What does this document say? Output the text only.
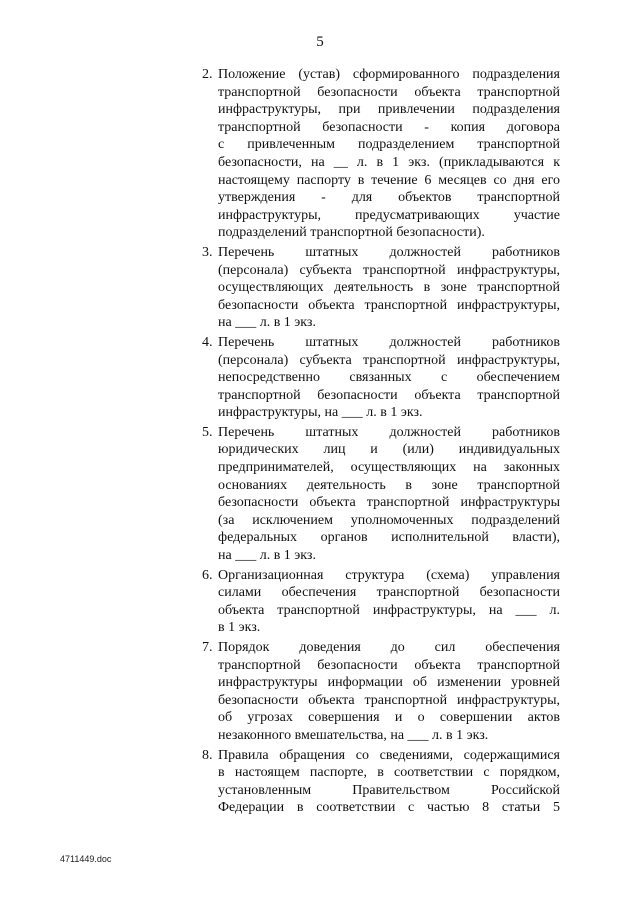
5
2. Положение (устав) сформированного подразделения
транспортной безопасности объекта транспортной
инфраструктуры, при привлечении подразделения
транспортной безопасности - копия договора
с привлеченным подразделением транспортной
безопасности, на __ л. в 1 экз. (прикладываются к
настоящему паспорту в течение 6 месяцев со дня его
утверждения - для объектов транспортной
инфраструктуры, предусматривающих участие
подразделений транспортной безопасности).
3. Перечень штатных должностей работников
(персонала) субъекта транспортной инфраструктуры,
осуществляющих деятельность в зоне транспортной
безопасности объекта транспортной инфраструктуры,
на ___ л. в 1 экз.
4. Перечень штатных должностей работников
(персонала) субъекта транспортной инфраструктуры,
непосредственно связанных с обеспечением
транспортной безопасности объекта транспортной
инфраструктуры, на ___ л. в 1 экз.
5. Перечень штатных должностей работников
юридических лиц и (или) индивидуальных
предпринимателей, осуществляющих на законных
основаниях деятельность в зоне транспортной
безопасности объекта транспортной инфраструктуры
(за исключением уполномоченных подразделений
федеральных органов исполнительной власти),
на ___ л. в 1 экз.
6. Организационная структура (схема) управления
силами обеспечения транспортной безопасности
объекта транспортной инфраструктуры, на ___ л.
в 1 экз.
7. Порядок доведения до сил обеспечения
транспортной безопасности объекта транспортной
инфраструктуры информации об изменении уровней
безопасности объекта транспортной инфраструктуры,
об угрозах совершения и о совершении актов
незаконного вмешательства, на ___ л. в 1 экз.
8. Правила обращения со сведениями, содержащимися
в настоящем паспорте, в соответствии с порядком,
установленным Правительством Российской
Федерации в соответствии с частью 8 статьи 5
4711449.doc
